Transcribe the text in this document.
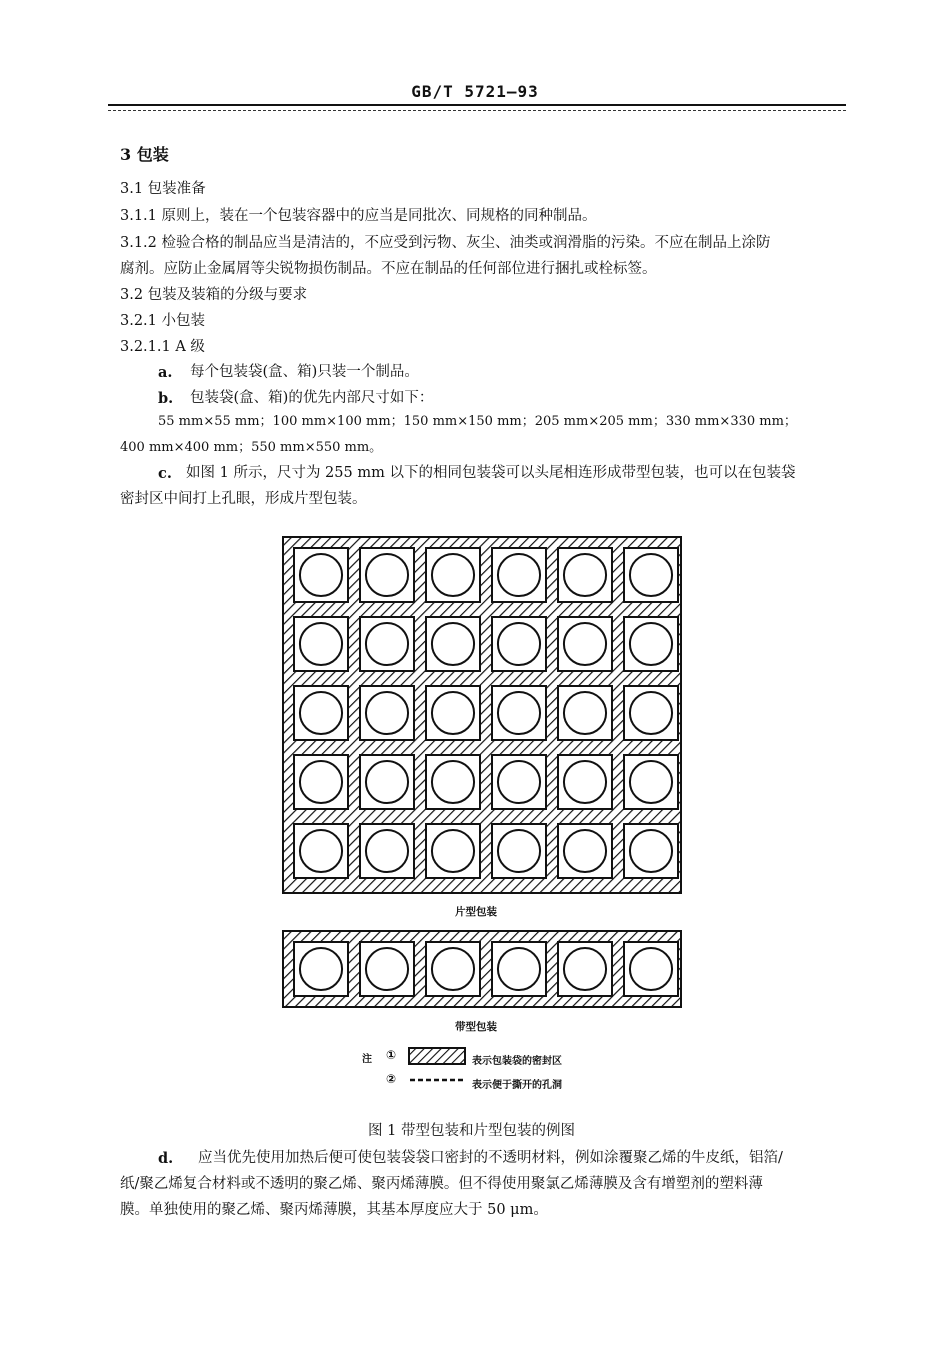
GB/T 5721—93
3 包装
3.1 包装准备
3.1.1 原则上，装在一个包装容器中的应当是同批次、同规格的同种制品。
3.1.2 检验合格的制品应当是清洁的，不应受到污物、灰尘、油类或润滑脂的污染。不应在制品上涂防
腐剂。应防止金属屑等尖锐物损伤制品。不应在制品的任何部位进行捆扎或栓标签。
3.2 包装及装箱的分级与要求
3.2.1 小包装
3.2.1.1 A 级
a. 每个包装袋(盒、箱)只装一个制品。
b. 包装袋(盒、箱)的优先内部尺寸如下：
55 mm×55 mm；100 mm×100 mm；150 mm×150 mm；205 mm×205 mm；330 mm×330 mm；
400 mm×400 mm；550 mm×550 mm。
c. 如图 1 所示，尺寸为 255 mm 以下的相同包装袋可以头尾相连形成带型包装，也可以在包装袋
密封区中间打上孔眼，形成片型包装。
片型包装
带型包装
注 ①	表示包装袋的密封区
②	表示便于撕开的孔洞
图 1 带型包装和片型包装的例图
d. 应当优先使用加热后便可使包装袋袋口密封的不透明材料，例如涂覆聚乙烯的牛皮纸，铝箔/
纸/聚乙烯复合材料或不透明的聚乙烯、聚丙烯薄膜。但不得使用聚氯乙烯薄膜及含有增塑剂的塑料薄
膜。单独使用的聚乙烯、聚丙烯薄膜，其基本厚度应大于 50 μm。
